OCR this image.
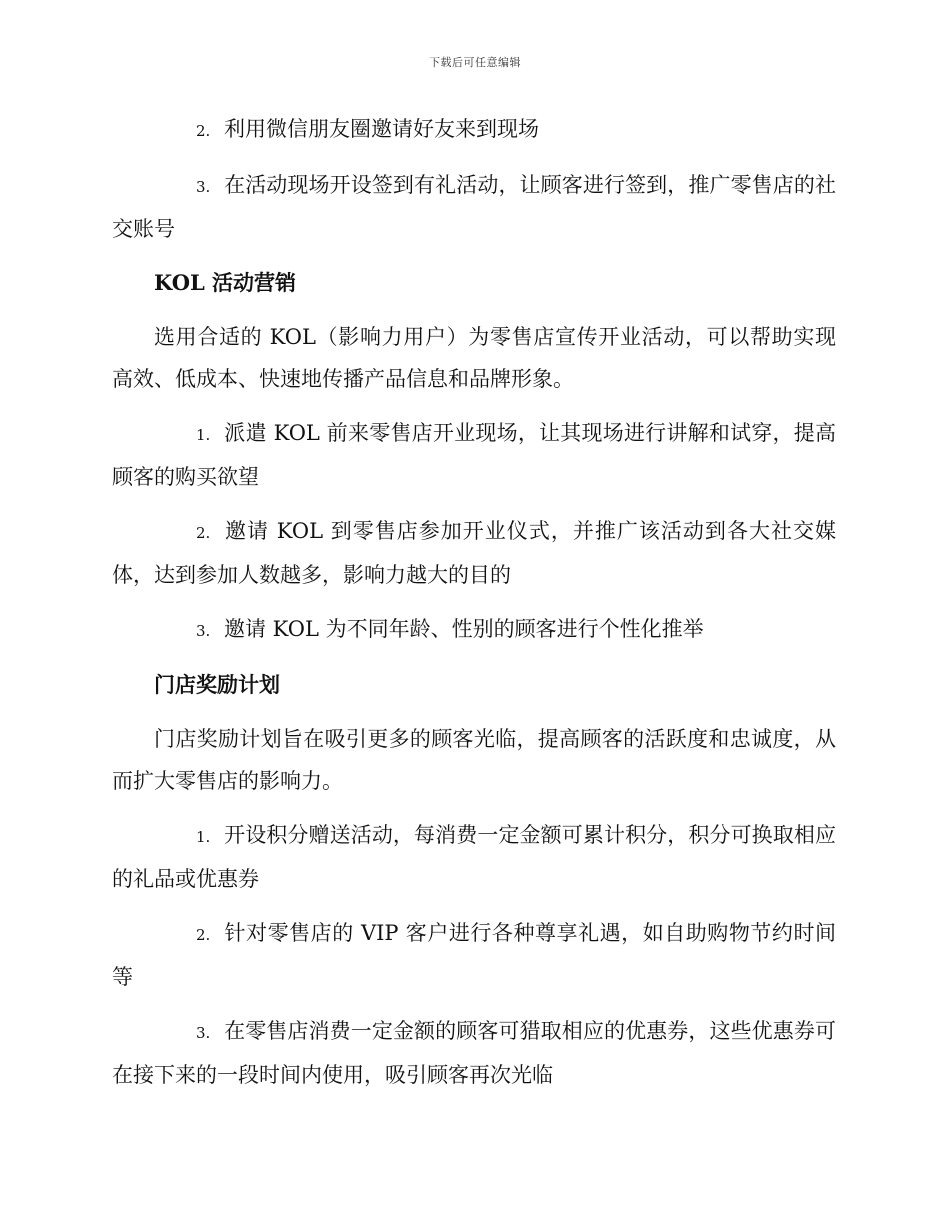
下载后可任意编辑

2. 利用微信朋友圈邀请好友来到现场

3. 在活动现场开设签到有礼活动，让顾客进行签到，推广零售店的社交账号

KOL 活动营销

选用合适的 KOL（影响力用户）为零售店宣传开业活动，可以帮助实现高效、低成本、快速地传播产品信息和品牌形象。

1. 派遣 KOL 前来零售店开业现场，让其现场进行讲解和试穿，提高顾客的购买欲望

2. 邀请 KOL 到零售店参加开业仪式，并推广该活动到各大社交媒体，达到参加人数越多，影响力越大的目的

3. 邀请 KOL 为不同年龄、性别的顾客进行个性化推举

门店奖励计划

门店奖励计划旨在吸引更多的顾客光临，提高顾客的活跃度和忠诚度，从而扩大零售店的影响力。

1. 开设积分赠送活动，每消费一定金额可累计积分，积分可换取相应的礼品或优惠券

2. 针对零售店的 VIP 客户进行各种尊享礼遇，如自助购物节约时间等

3. 在零售店消费一定金额的顾客可猎取相应的优惠券，这些优惠券可在接下来的一段时间内使用，吸引顾客再次光临
